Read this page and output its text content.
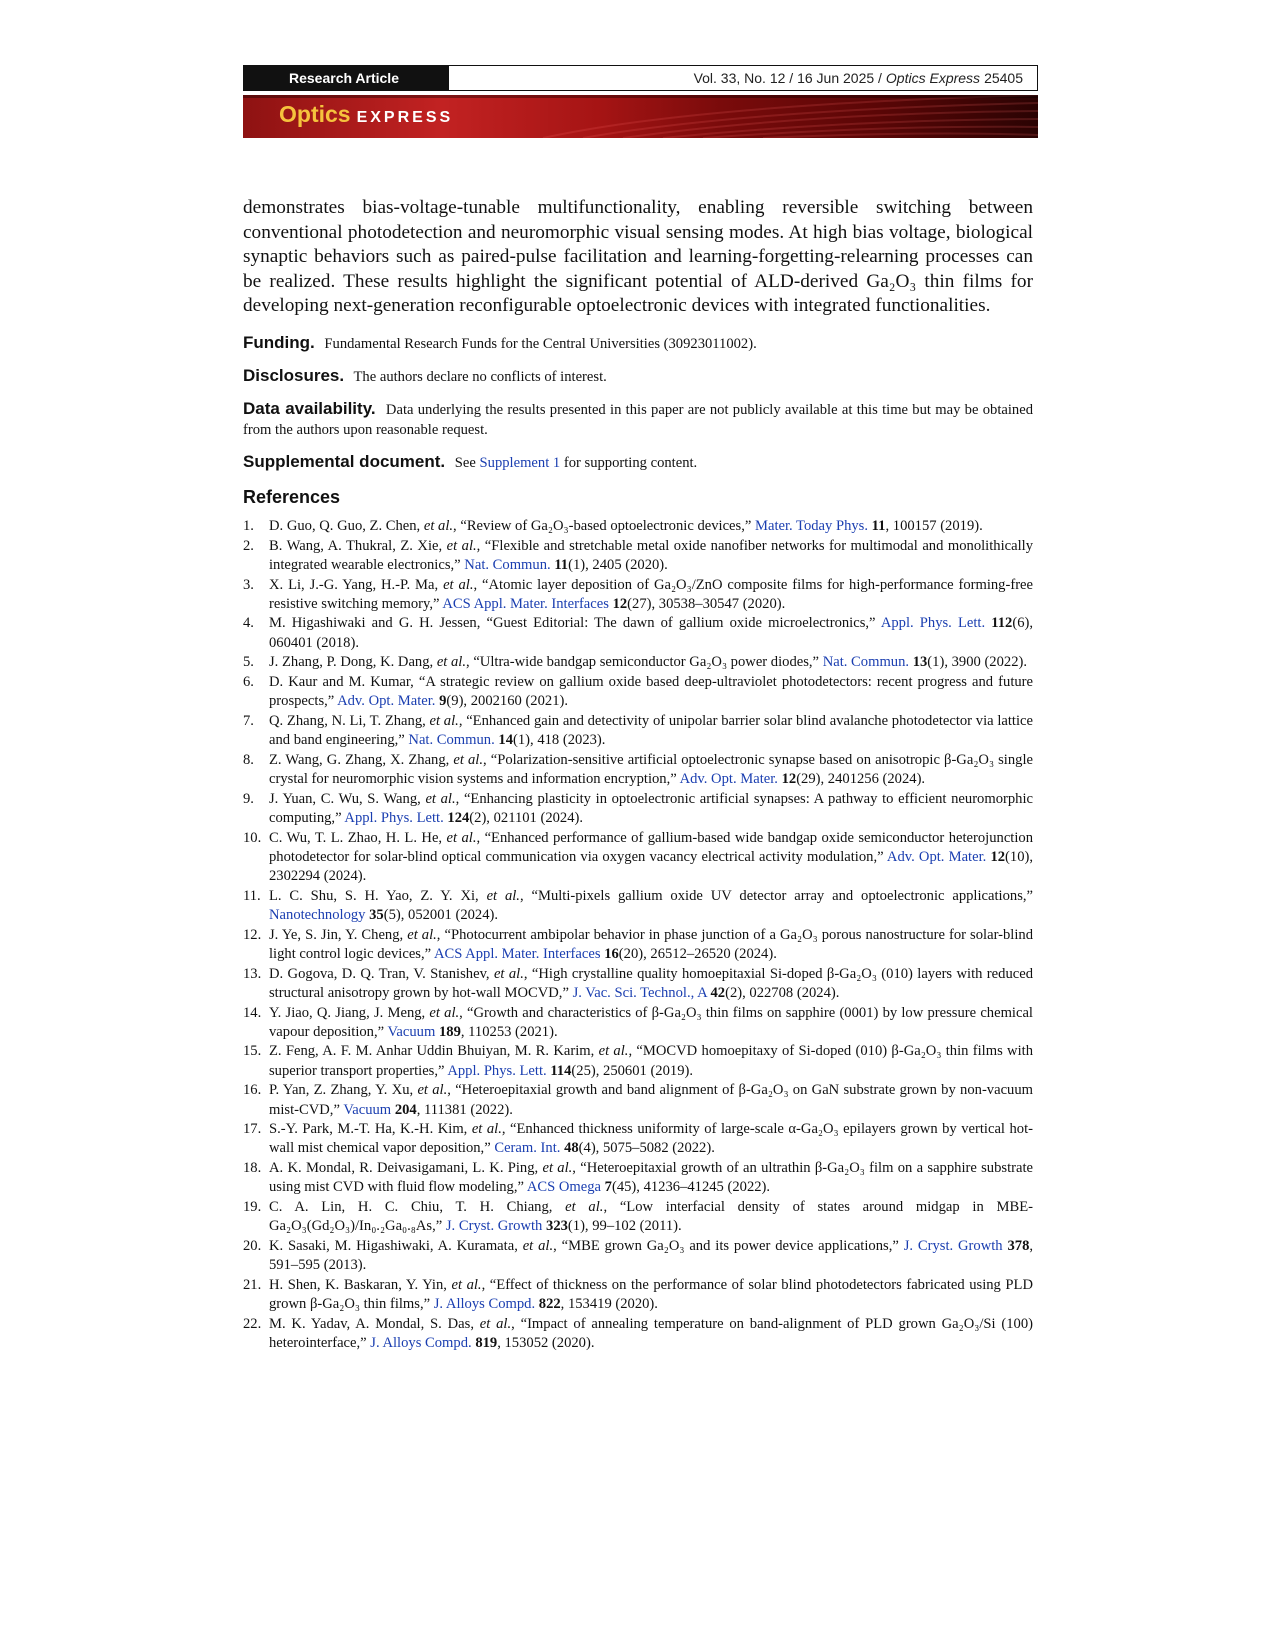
Research Article	Vol. 33, No. 12 / 16 Jun 2025 / Optics Express 25405
Optics EXPRESS

demonstrates bias-voltage-tunable multifunctionality, enabling reversible switching between conventional photodetection and neuromorphic visual sensing modes. At high bias voltage, biological synaptic behaviors such as paired-pulse facilitation and learning-forgetting-relearning processes can be realized. These results highlight the significant potential of ALD-derived Ga₂O₃ thin films for developing next-generation reconfigurable optoelectronic devices with integrated functionalities.

Funding. Fundamental Research Funds for the Central Universities (30923011002).

Disclosures. The authors declare no conflicts of interest.

Data availability. Data underlying the results presented in this paper are not publicly available at this time but may be obtained from the authors upon reasonable request.

Supplemental document. See Supplement 1 for supporting content.

References
1.	D. Guo, Q. Guo, Z. Chen, et al., “Review of Ga₂O₃-based optoelectronic devices,” Mater. Today Phys. 11, 100157 (2019).
2.	B. Wang, A. Thukral, Z. Xie, et al., “Flexible and stretchable metal oxide nanofiber networks for multimodal and monolithically integrated wearable electronics,” Nat. Commun. 11(1), 2405 (2020).
3.	X. Li, J.-G. Yang, H.-P. Ma, et al., “Atomic layer deposition of Ga₂O₃/ZnO composite films for high-performance forming-free resistive switching memory,” ACS Appl. Mater. Interfaces 12(27), 30538–30547 (2020).
4.	M. Higashiwaki and G. H. Jessen, “Guest Editorial: The dawn of gallium oxide microelectronics,” Appl. Phys. Lett. 112(6), 060401 (2018).
5.	J. Zhang, P. Dong, K. Dang, et al., “Ultra-wide bandgap semiconductor Ga₂O₃ power diodes,” Nat. Commun. 13(1), 3900 (2022).
6.	D. Kaur and M. Kumar, “A strategic review on gallium oxide based deep-ultraviolet photodetectors: recent progress and future prospects,” Adv. Opt. Mater. 9(9), 2002160 (2021).
7.	Q. Zhang, N. Li, T. Zhang, et al., “Enhanced gain and detectivity of unipolar barrier solar blind avalanche photodetector via lattice and band engineering,” Nat. Commun. 14(1), 418 (2023).
8.	Z. Wang, G. Zhang, X. Zhang, et al., “Polarization-sensitive artificial optoelectronic synapse based on anisotropic β-Ga₂O₃ single crystal for neuromorphic vision systems and information encryption,” Adv. Opt. Mater. 12(29), 2401256 (2024).
9.	J. Yuan, C. Wu, S. Wang, et al., “Enhancing plasticity in optoelectronic artificial synapses: A pathway to efficient neuromorphic computing,” Appl. Phys. Lett. 124(2), 021101 (2024).
10. C. Wu, T. L. Zhao, H. L. He, et al., “Enhanced performance of gallium-based wide bandgap oxide semiconductor heterojunction photodetector for solar-blind optical communication via oxygen vacancy electrical activity modulation,” Adv. Opt. Mater. 12(10), 2302294 (2024).
11. L. C. Shu, S. H. Yao, Z. Y. Xi, et al., “Multi-pixels gallium oxide UV detector array and optoelectronic applications,” Nanotechnology 35(5), 052001 (2024).
12. J. Ye, S. Jin, Y. Cheng, et al., “Photocurrent ambipolar behavior in phase junction of a Ga₂O₃ porous nanostructure for solar-blind light control logic devices,” ACS Appl. Mater. Interfaces 16(20), 26512–26520 (2024).
13. D. Gogova, D. Q. Tran, V. Stanishev, et al., “High crystalline quality homoepitaxial Si-doped β-Ga₂O₃ (010) layers with reduced structural anisotropy grown by hot-wall MOCVD,” J. Vac. Sci. Technol., A 42(2), 022708 (2024).
14. Y. Jiao, Q. Jiang, J. Meng, et al., “Growth and characteristics of β-Ga₂O₃ thin films on sapphire (0001) by low pressure chemical vapour deposition,” Vacuum 189, 110253 (2021).
15. Z. Feng, A. F. M. Anhar Uddin Bhuiyan, M. R. Karim, et al., “MOCVD homoepitaxy of Si-doped (010) β-Ga₂O₃ thin films with superior transport properties,” Appl. Phys. Lett. 114(25), 250601 (2019).
16. P. Yan, Z. Zhang, Y. Xu, et al., “Heteroepitaxial growth and band alignment of β-Ga₂O₃ on GaN substrate grown by non-vacuum mist-CVD,” Vacuum 204, 111381 (2022).
17. S.-Y. Park, M.-T. Ha, K.-H. Kim, et al., “Enhanced thickness uniformity of large-scale α-Ga₂O₃ epilayers grown by vertical hot-wall mist chemical vapor deposition,” Ceram. Int. 48(4), 5075–5082 (2022).
18. A. K. Mondal, R. Deivasigamani, L. K. Ping, et al., “Heteroepitaxial growth of an ultrathin β-Ga₂O₃ film on a sapphire substrate using mist CVD with fluid flow modeling,” ACS Omega 7(45), 41236–41245 (2022).
19. C. A. Lin, H. C. Chiu, T. H. Chiang, et al., “Low interfacial density of states around midgap in MBE-Ga₂O₃(Gd₂O₃)/In₀.₂Ga₀.₈As,” J. Cryst. Growth 323(1), 99–102 (2011).
20. K. Sasaki, M. Higashiwaki, A. Kuramata, et al., “MBE grown Ga₂O₃ and its power device applications,” J. Cryst. Growth 378, 591–595 (2013).
21. H. Shen, K. Baskaran, Y. Yin, et al., “Effect of thickness on the performance of solar blind photodetectors fabricated using PLD grown β-Ga₂O₃ thin films,” J. Alloys Compd. 822, 153419 (2020).
22. M. K. Yadav, A. Mondal, S. Das, et al., “Impact of annealing temperature on band-alignment of PLD grown Ga₂O₃/Si (100) heterointerface,” J. Alloys Compd. 819, 153052 (2020).
